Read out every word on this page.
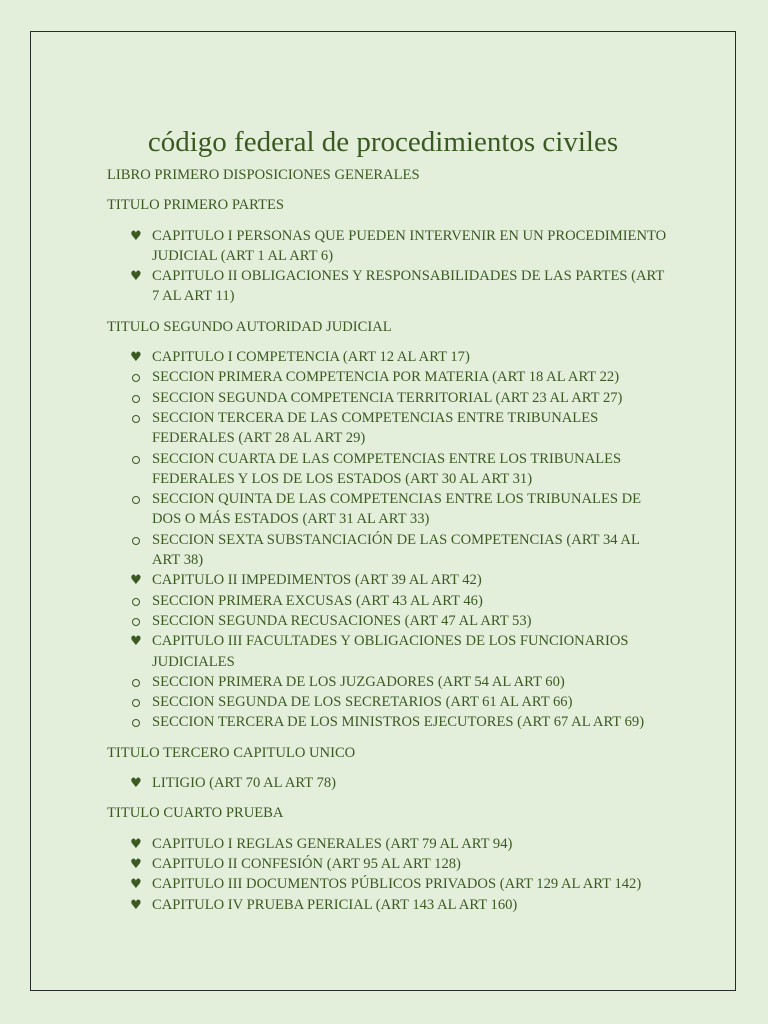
código federal de procedimientos civiles

LIBRO PRIMERO DISPOSICIONES GENERALES

TITULO PRIMERO PARTES

♥ CAPITULO I PERSONAS QUE PUEDEN INTERVENIR EN UN PROCEDIMIENTO JUDICIAL (ART 1 AL ART 6)
♥ CAPITULO II OBLIGACIONES Y RESPONSABILIDADES DE LAS PARTES (ART 7 AL ART 11)

TITULO SEGUNDO AUTORIDAD JUDICIAL

♥ CAPITULO I COMPETENCIA (ART 12 AL ART 17)
SECCION PRIMERA COMPETENCIA POR MATERIA (ART 18 AL ART 22)
SECCION SEGUNDA COMPETENCIA TERRITORIAL (ART 23 AL ART 27)
SECCION TERCERA DE LAS COMPETENCIAS ENTRE TRIBUNALES FEDERALES (ART 28 AL ART 29)
SECCION CUARTA DE LAS COMPETENCIAS ENTRE LOS TRIBUNALES FEDERALES Y LOS DE LOS ESTADOS (ART 30 AL ART 31)
SECCION QUINTA DE LAS COMPETENCIAS ENTRE LOS TRIBUNALES DE DOS O MÁS ESTADOS (ART 31 AL ART 33)
SECCION SEXTA SUBSTANCIACIÓN DE LAS COMPETENCIAS (ART 34 AL ART 38)
♥ CAPITULO II IMPEDIMENTOS (ART 39 AL ART 42)
SECCION PRIMERA EXCUSAS (ART 43 AL ART 46)
SECCION SEGUNDA RECUSACIONES (ART 47 AL ART 53)
♥ CAPITULO III FACULTADES Y OBLIGACIONES DE LOS FUNCIONARIOS JUDICIALES
SECCION PRIMERA DE LOS JUZGADORES (ART 54 AL ART 60)
SECCION SEGUNDA DE LOS SECRETARIOS (ART 61 AL ART 66)
SECCION TERCERA DE LOS MINISTROS EJECUTORES (ART 67 AL ART 69)

TITULO TERCERO CAPITULO UNICO

♥ LITIGIO (ART 70 AL ART 78)

TITULO CUARTO PRUEBA

♥ CAPITULO I REGLAS GENERALES (ART 79 AL ART 94)
♥ CAPITULO II CONFESIÓN (ART 95 AL ART 128)
♥ CAPITULO III DOCUMENTOS PÚBLICOS PRIVADOS (ART 129 AL ART 142)
♥ CAPITULO IV PRUEBA PERICIAL (ART 143 AL ART 160)
